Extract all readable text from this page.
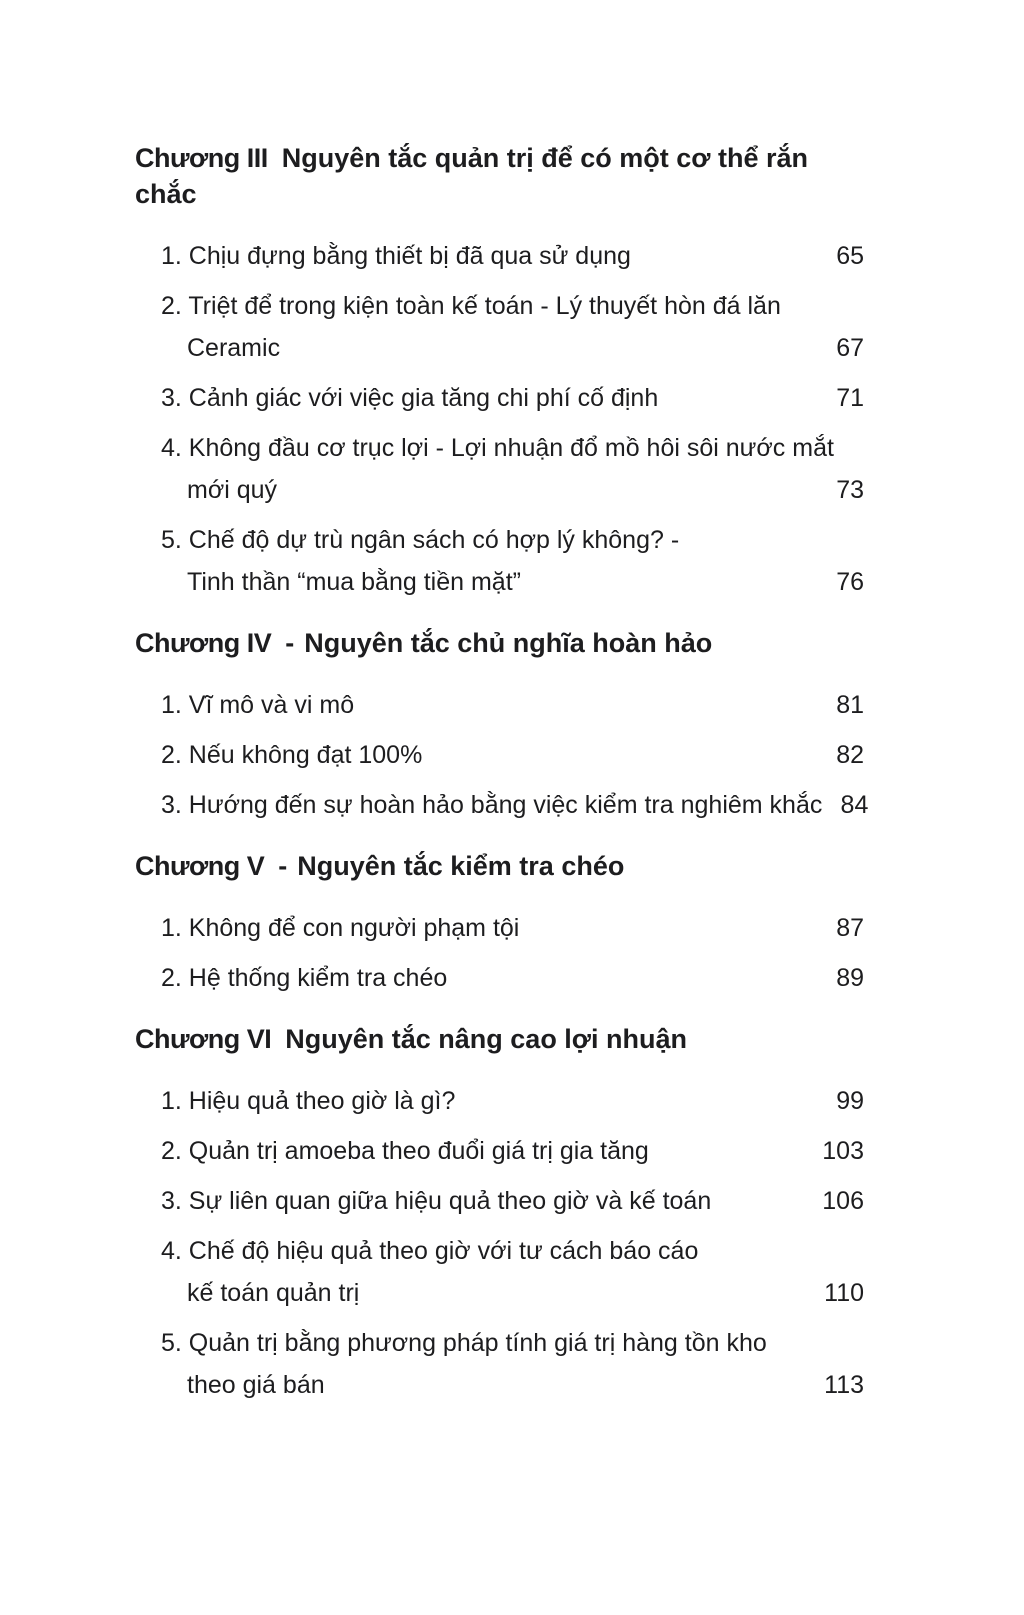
Chương III Nguyên tắc quản trị để có một cơ thể rắn chắc
1. Chịu đựng bằng thiết bị đã qua sử dụng	65
2. Triệt để trong kiện toàn kế toán - Lý thuyết hòn đá lăn
Ceramic	67
3. Cảnh giác với việc gia tăng chi phí cố định	71
4. Không đầu cơ trục lợi - Lợi nhuận đổ mồ hôi sôi nước mắt
mới quý	73
5. Chế độ dự trù ngân sách có hợp lý không? -
Tinh thần “mua bằng tiền mặt”	76
Chương IV - Nguyên tắc chủ nghĩa hoàn hảo
1. Vĩ mô và vi mô	81
2. Nếu không đạt 100%	82
3. Hướng đến sự hoàn hảo bằng việc kiểm tra nghiêm khắc 84
Chương V - Nguyên tắc kiểm tra chéo
1. Không để con người phạm tội	87
2. Hệ thống kiểm tra chéo	89
Chương VI Nguyên tắc nâng cao lợi nhuận
1. Hiệu quả theo giờ là gì?	99
2. Quản trị amoeba theo đuổi giá trị gia tăng	103
3. Sự liên quan giữa hiệu quả theo giờ và kế toán	106
4. Chế độ hiệu quả theo giờ với tư cách báo cáo
kế toán quản trị	110
5. Quản trị bằng phương pháp tính giá trị hàng tồn kho
theo giá bán	113
